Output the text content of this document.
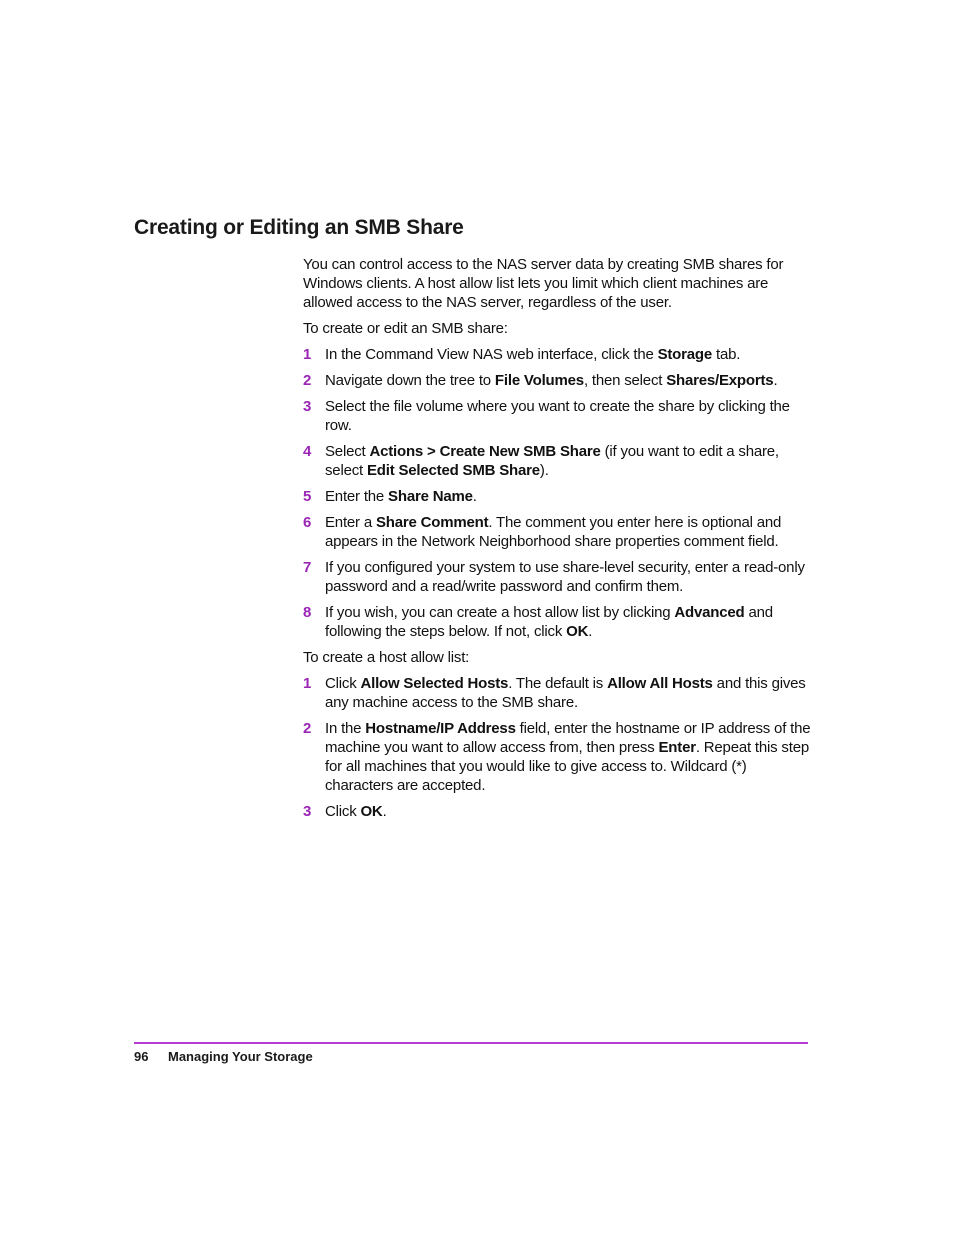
Creating or Editing an SMB Share

You can control access to the NAS server data by creating SMB shares for Windows clients. A host allow list lets you limit which client machines are allowed access to the NAS server, regardless of the user.

To create or edit an SMB share:

1 In the Command View NAS web interface, click the Storage tab.
2 Navigate down the tree to File Volumes, then select Shares/Exports.
3 Select the file volume where you want to create the share by clicking the row.
4 Select Actions > Create New SMB Share (if you want to edit a share, select Edit Selected SMB Share).
5 Enter the Share Name.
6 Enter a Share Comment. The comment you enter here is optional and appears in the Network Neighborhood share properties comment field.
7 If you configured your system to use share-level security, enter a read-only password and a read/write password and confirm them.
8 If you wish, you can create a host allow list by clicking Advanced and following the steps below. If not, click OK.

To create a host allow list:

1 Click Allow Selected Hosts. The default is Allow All Hosts and this gives any machine access to the SMB share.
2 In the Hostname/IP Address field, enter the hostname or IP address of the machine you want to allow access from, then press Enter. Repeat this step for all machines that you would like to give access to. Wildcard (*) characters are accepted.
3 Click OK.
96 Managing Your Storage
